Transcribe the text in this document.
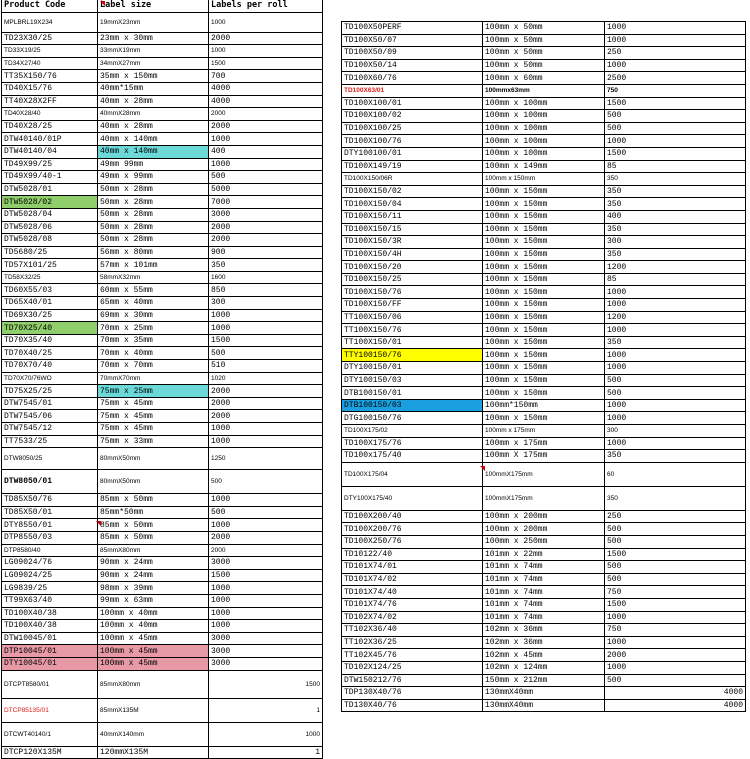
Product Code	Label size	Labels per roll
MPLBRL19X234	19mmX23mm	1000
TD23X30/25	23mm x 30mm	2000
TD33X19/25	33mmX19mm	1000
TD34X27/40	34mmX27mm	1500
TT35X150/76	35mm x 150mm	700
TD40X15/76	40mm*15mm	4000
TT40X28X2FF	40mm x 28mm	4000
TD40X28/40	40mmX28mm	2000
TD40X28/25	40mm x 28mm	2000
DTW40140/01P	40mm x 140mm	1000
DTW40140/04	40mm x 140mm	400
TD49X99/25	49mm 99mm	1000
TD49X99/40-1	49mm x 99mm	500
DTW5028/01	50mm x 28mm	5000
DTW5028/02	50mm x 28mm	7000
DTW5028/04	50mm x 28mm	3000
DTW5028/06	50mm x 28mm	2000
DTW5028/08	50mm x 28mm	2000
TD5680/25	56mm x 80mm	900
TD57X101/25	57mm x 101mm	350
TD58X32/25	58mmX32mm	1600
TD60X55/03	60mm x 55mm	850
TD65X40/01	65mm x 40mm	300
TD69X30/25	69mm x 30mm	1000
TD70X25/40	70mm x 25mm	1000
TD70X35/40	70mm x 35mm	1500
TD70X40/25	70mm x 40mm	500
TD70X70/40	70mm x 70mm	510
TD70X70/76WO	70mmX70mm	1020
TD75X25/25	75mm x 25mm	2000
DTW7545/01	75mm x 45mm	2000
DTW7545/06	75mm x 45mm	2000
DTW7545/12	75mm x 45mm	1000
TT7533/25	75mm x 33mm	1000
DTW8050/25	80mmX50mm	1250
DTW8050/01	80mmX50mm	500
TD85X50/76	85mm x 50mm	1000
TD85X50/01	85mm*50mm	500
DTY8550/01	85mm x 50mm	1000
DTP8550/03	85mm x 50mm	2000
DTP8580/40	85mmX80mm	2000
LG09024/76	90mm x 24mm	3000
LG09024/25	90mm x 24mm	1500
LG9839/25	98mm x 39mm	1000
TT99X63/40	99mm x 63mm	1000
TD100X40/38	100mm x 40mm	1000
TD100X40/38	100mm x 40mm	1000
DTW10045/01	100mm x 45mm	3000
DTP10045/01	100mm x 45mm	3000
DTY10045/01	100mm x 45mm	3000
DTCPT8580/01	85mmX80mm	1500
DTCP85135/01	85mmX135M	1
DTCWT40140/1	40mmX140mm	1000
DTCP120X135M	120mmX135M	1
TD100X50PERF	100mm x 50mm	1000
TD100X50/07	100mm x 50mm	1000
TD100X50/09	100mm x 50mm	250
TD100X50/14	100mm x 50mm	1000
TD100X60/76	100mm x 60mm	2500
TD100X63/01	100mmx63mm	750
TD100X100/01	100mm x 100mm	1500
TD100X100/02	100mm x 100mm	500
TD100X100/25	100mm x 100mm	500
TD100X100/76	100mm x 100mm	1000
DTY100100/01	100mm x 100mm	1500
TD100X149/19	100mm x 149mm	85
TD100X150/06R	100mm x 150mm	350
TD100X150/02	100mm x 150mm	350
TD100X150/04	100mm x 150mm	350
TD100X150/11	100mm x 150mm	400
TD100X150/15	100mm x 150mm	350
TD100X150/3R	100mm x 150mm	300
TD100X150/4H	100mm x 150mm	350
TD100X150/20	100mm x 150mm	1200
TD100X150/25	100mm x 150mm	85
TD100X150/76	100mm x 150mm	1000
TD100X150/FF	100mm x 150mm	1000
TT100X150/06	100mm x 150mm	1200
TT100X150/76	100mm x 150mm	1000
TT100X150/01	100mm x 150mm	350
TTY100150/76	100mm x 150mm	1000
DTY100150/01	100mm x 150mm	1000
DTY100150/03	100mm x 150mm	500
DTB100150/01	100mm x 150mm	500
DTB100150/03	100mm*150mm	1000
DTG100150/76	100mm x 150mm	1000
TD100X175/02	100mm x 175mm	300
TD100X175/76	100mm x 175mm	1000
TD100x175/40	100mm X 175mm	350
TD100X175/04	100mmX175mm	60
DTY100X175/40	100mmX175mm	350
TD100X200/40	100mm x 200mm	250
TD100X200/76	100mm x 200mm	500
TD100X250/76	100mm x 250mm	500
TD10122/40	101mm x 22mm	1500
TD101X74/01	101mm x 74mm	500
TD101X74/02	101mm x 74mm	500
TD101X74/40	101mm x 74mm	750
TD101X74/76	101mm x 74mm	1500
TD102X74/02	101mm x 74mm	1000
TT102X36/40	102mm x 36mm	750
TT102X36/25	102mm x 36mm	1000
TT102X45/76	102mm x 45mm	2000
TD102X124/25	102mm x 124mm	1000
DTW150212/76	150mm x 212mm	500
TDP130X40/76	130mmX40mm	4000
TD130X40/76	130mmX40mm	4000
